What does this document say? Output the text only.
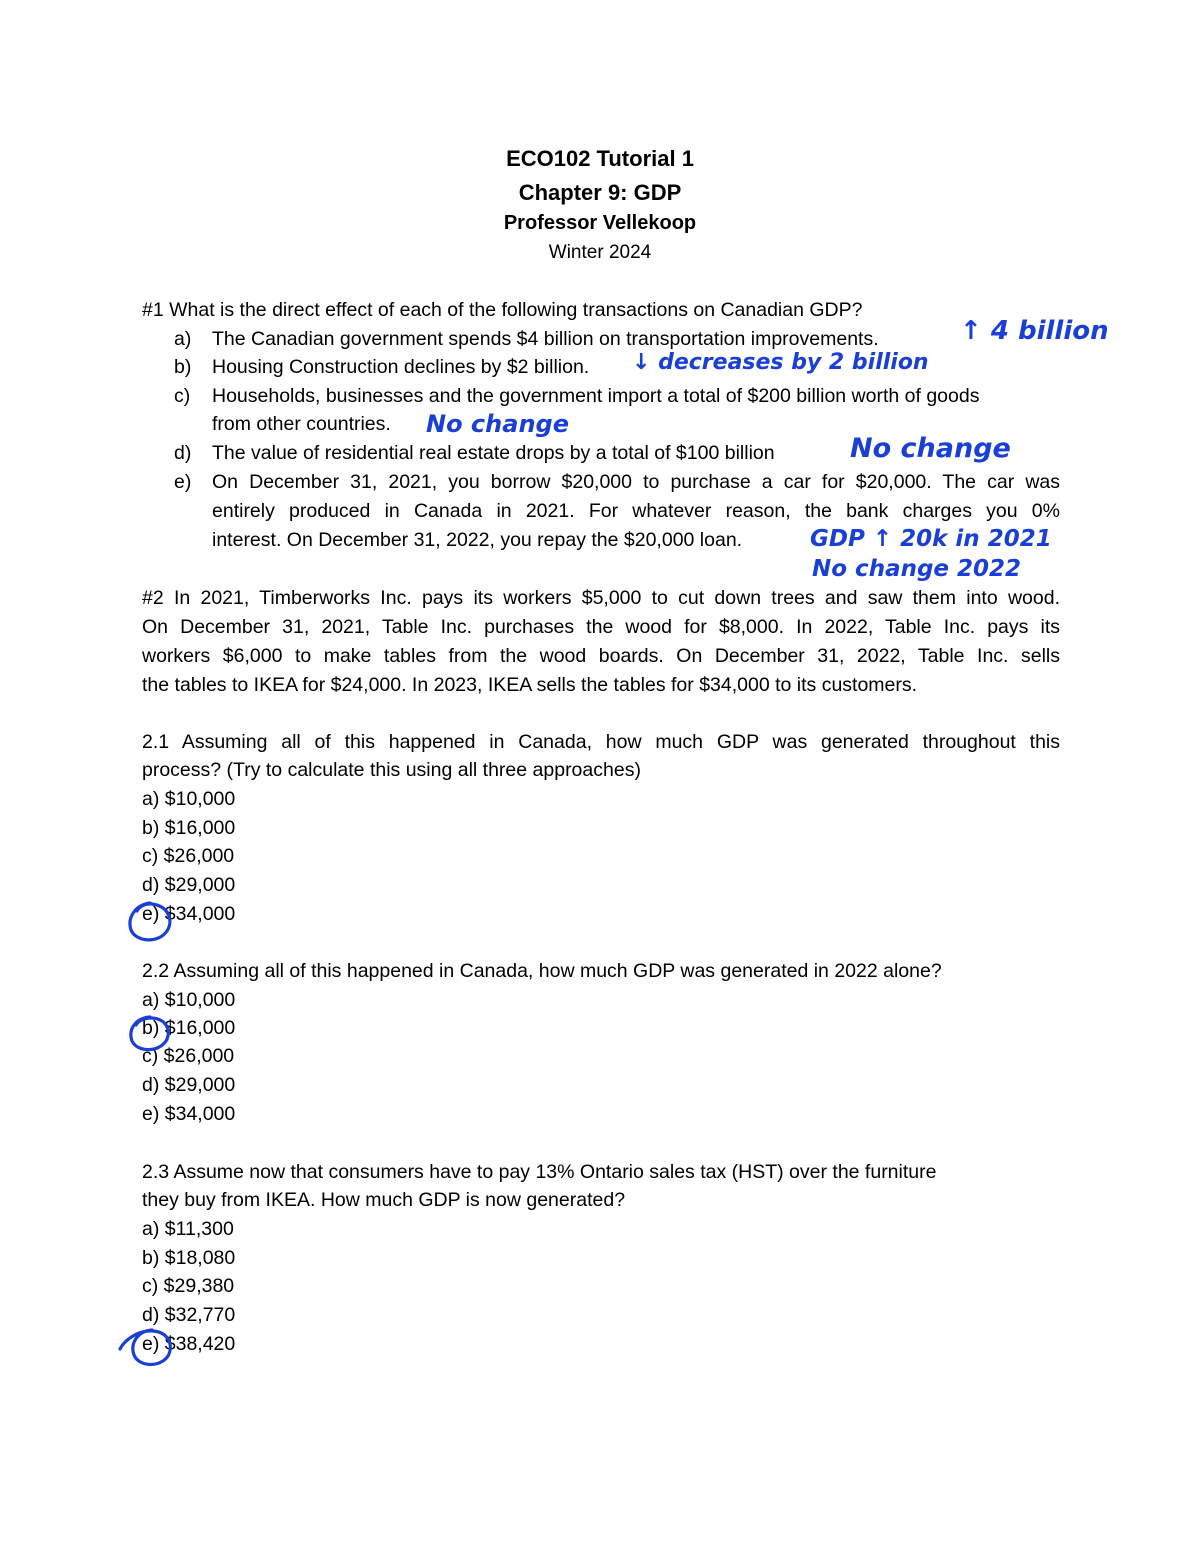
ECO102 Tutorial 1
Chapter 9: GDP
Professor Vellekoop
Winter 2024
#1 What is the direct effect of each of the following transactions on Canadian GDP?
a) The Canadian government spends $4 billion on transportation improvements.
b) Housing Construction declines by $2 billion.
c) Households, businesses and the government import a total of $200 billion worth of goods
from other countries.
d) The value of residential real estate drops by a total of $100 billion
e) On December 31, 2021, you borrow $20,000 to purchase a car for $20,000. The car was
entirely produced in Canada in 2021. For whatever reason, the bank charges you 0%
interest. On December 31, 2022, you repay the $20,000 loan.
↑ 4 billion
↓ decreases by 2 billion
No change
No change
GDP ↑ 20k in 2021
No change 2022
#2 In 2021, Timberworks Inc. pays its workers $5,000 to cut down trees and saw them into wood.
On December 31, 2021, Table Inc. purchases the wood for $8,000. In 2022, Table Inc. pays its
workers $6,000 to make tables from the wood boards. On December 31, 2022, Table Inc. sells
the tables to IKEA for $24,000. In 2023, IKEA sells the tables for $34,000 to its customers.
2.1 Assuming all of this happened in Canada, how much GDP was generated throughout this
process? (Try to calculate this using all three approaches)
a) $10,000
b) $16,000
c) $26,000
d) $29,000
e) $34,000
2.2 Assuming all of this happened in Canada, how much GDP was generated in 2022 alone?
a) $10,000
b) $16,000
c) $26,000
d) $29,000
e) $34,000
2.3 Assume now that consumers have to pay 13% Ontario sales tax (HST) over the furniture
they buy from IKEA. How much GDP is now generated?
a) $11,300
b) $18,080
c) $29,380
d) $32,770
e) $38,420
